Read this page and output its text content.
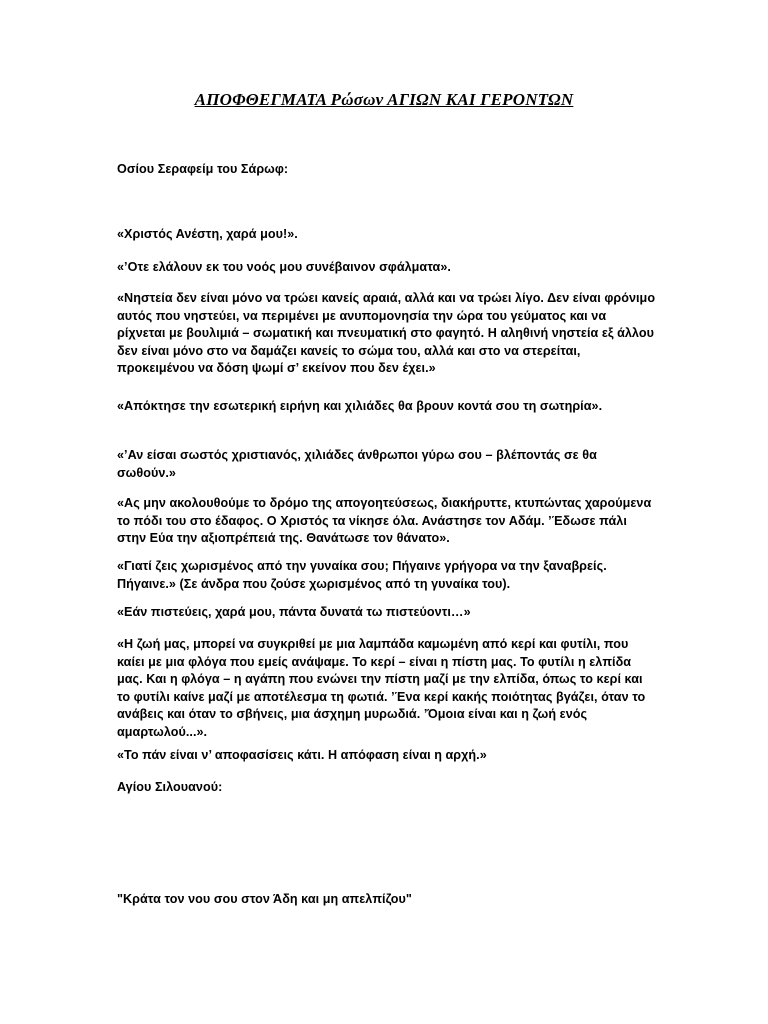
ΑΠΟΦΘΕΓΜΑΤΑ Ρώσων ΑΓΙΩΝ ΚΑΙ ΓΕΡΟΝΤΩΝ
Οσίου Σεραφείμ του Σάρωφ:
«Χριστός Ανέστη, χαρά μου!».
«’Οτε ελάλουν εκ του νοός μου συνέβαινον σφάλματα».
«Νηστεία δεν είναι μόνο να τρώει κανείς αραιά, αλλά και να τρώει λίγο. Δεν είναι φρόνιμο αυτός που νηστεύει, να περιμένει με ανυπομονησία την ώρα του γεύματος και να ρίχνεται με βουλιμιά – σωματική και πνευματική στο φαγητό. Η αληθινή νηστεία εξ άλλου δεν είναι μόνο στο να δαμάζει κανείς το σώμα του, αλλά και στο να στερείται, προκειμένου να δόση ψωμί σ’ εκείνον που δεν έχει.»
«Απόκτησε την εσωτερική ειρήνη και χιλιάδες θα βρουν κοντά σου τη σωτηρία».
«’Αν είσαι σωστός χριστιανός, χιλιάδες άνθρωποι γύρω σου – βλέποντάς σε θα σωθούν.»
«Ας μην ακολουθούμε το δρόμο της απογοητεύσεως, διακήρυττε, κτυπώντας χαρούμενα το πόδι του στο έδαφος. Ο Χριστός τα νίκησε όλα. Ανάστησε τον Αδάμ. ’Έδωσε πάλι στην Εύα την αξιοπρέπειά της. Θανάτωσε τον θάνατο».
«Γιατί ζεις χωρισμένος από την γυναίκα σου; Πήγαινε γρήγορα να την ξαναβρείς. Πήγαινε.» (Σε άνδρα που ζούσε χωρισμένος από τη γυναίκα του).
«Εάν πιστεύεις, χαρά μου, πάντα δυνατά τω πιστεύοντι…»
«Η ζωή μας, μπορεί να συγκριθεί με μια λαμπάδα καμωμένη από κερί και φυτίλι, που καίει με μια φλόγα που εμείς ανάψαμε. Το κερί – είναι η πίστη μας. Το φυτίλι η ελπίδα μας. Και η φλόγα – η αγάπη που ενώνει την πίστη μαζί με την ελπίδα, όπως το κερί και το φυτίλι καίνε μαζί με αποτέλεσμα τη φωτιά. ’Ένα κερί κακής ποιότητας βγάζει, όταν το ανάβεις και όταν το σβήνεις, μια άσχημη μυρωδιά. ’Όμοια είναι και η ζωή ενός αμαρτωλού...».
«Το πάν είναι ν’ αποφασίσεις κάτι. Η απόφαση είναι η αρχή.»
Αγίου Σιλουανού:
"Κράτα τον νου σου στον Άδη και μη απελπίζου"
